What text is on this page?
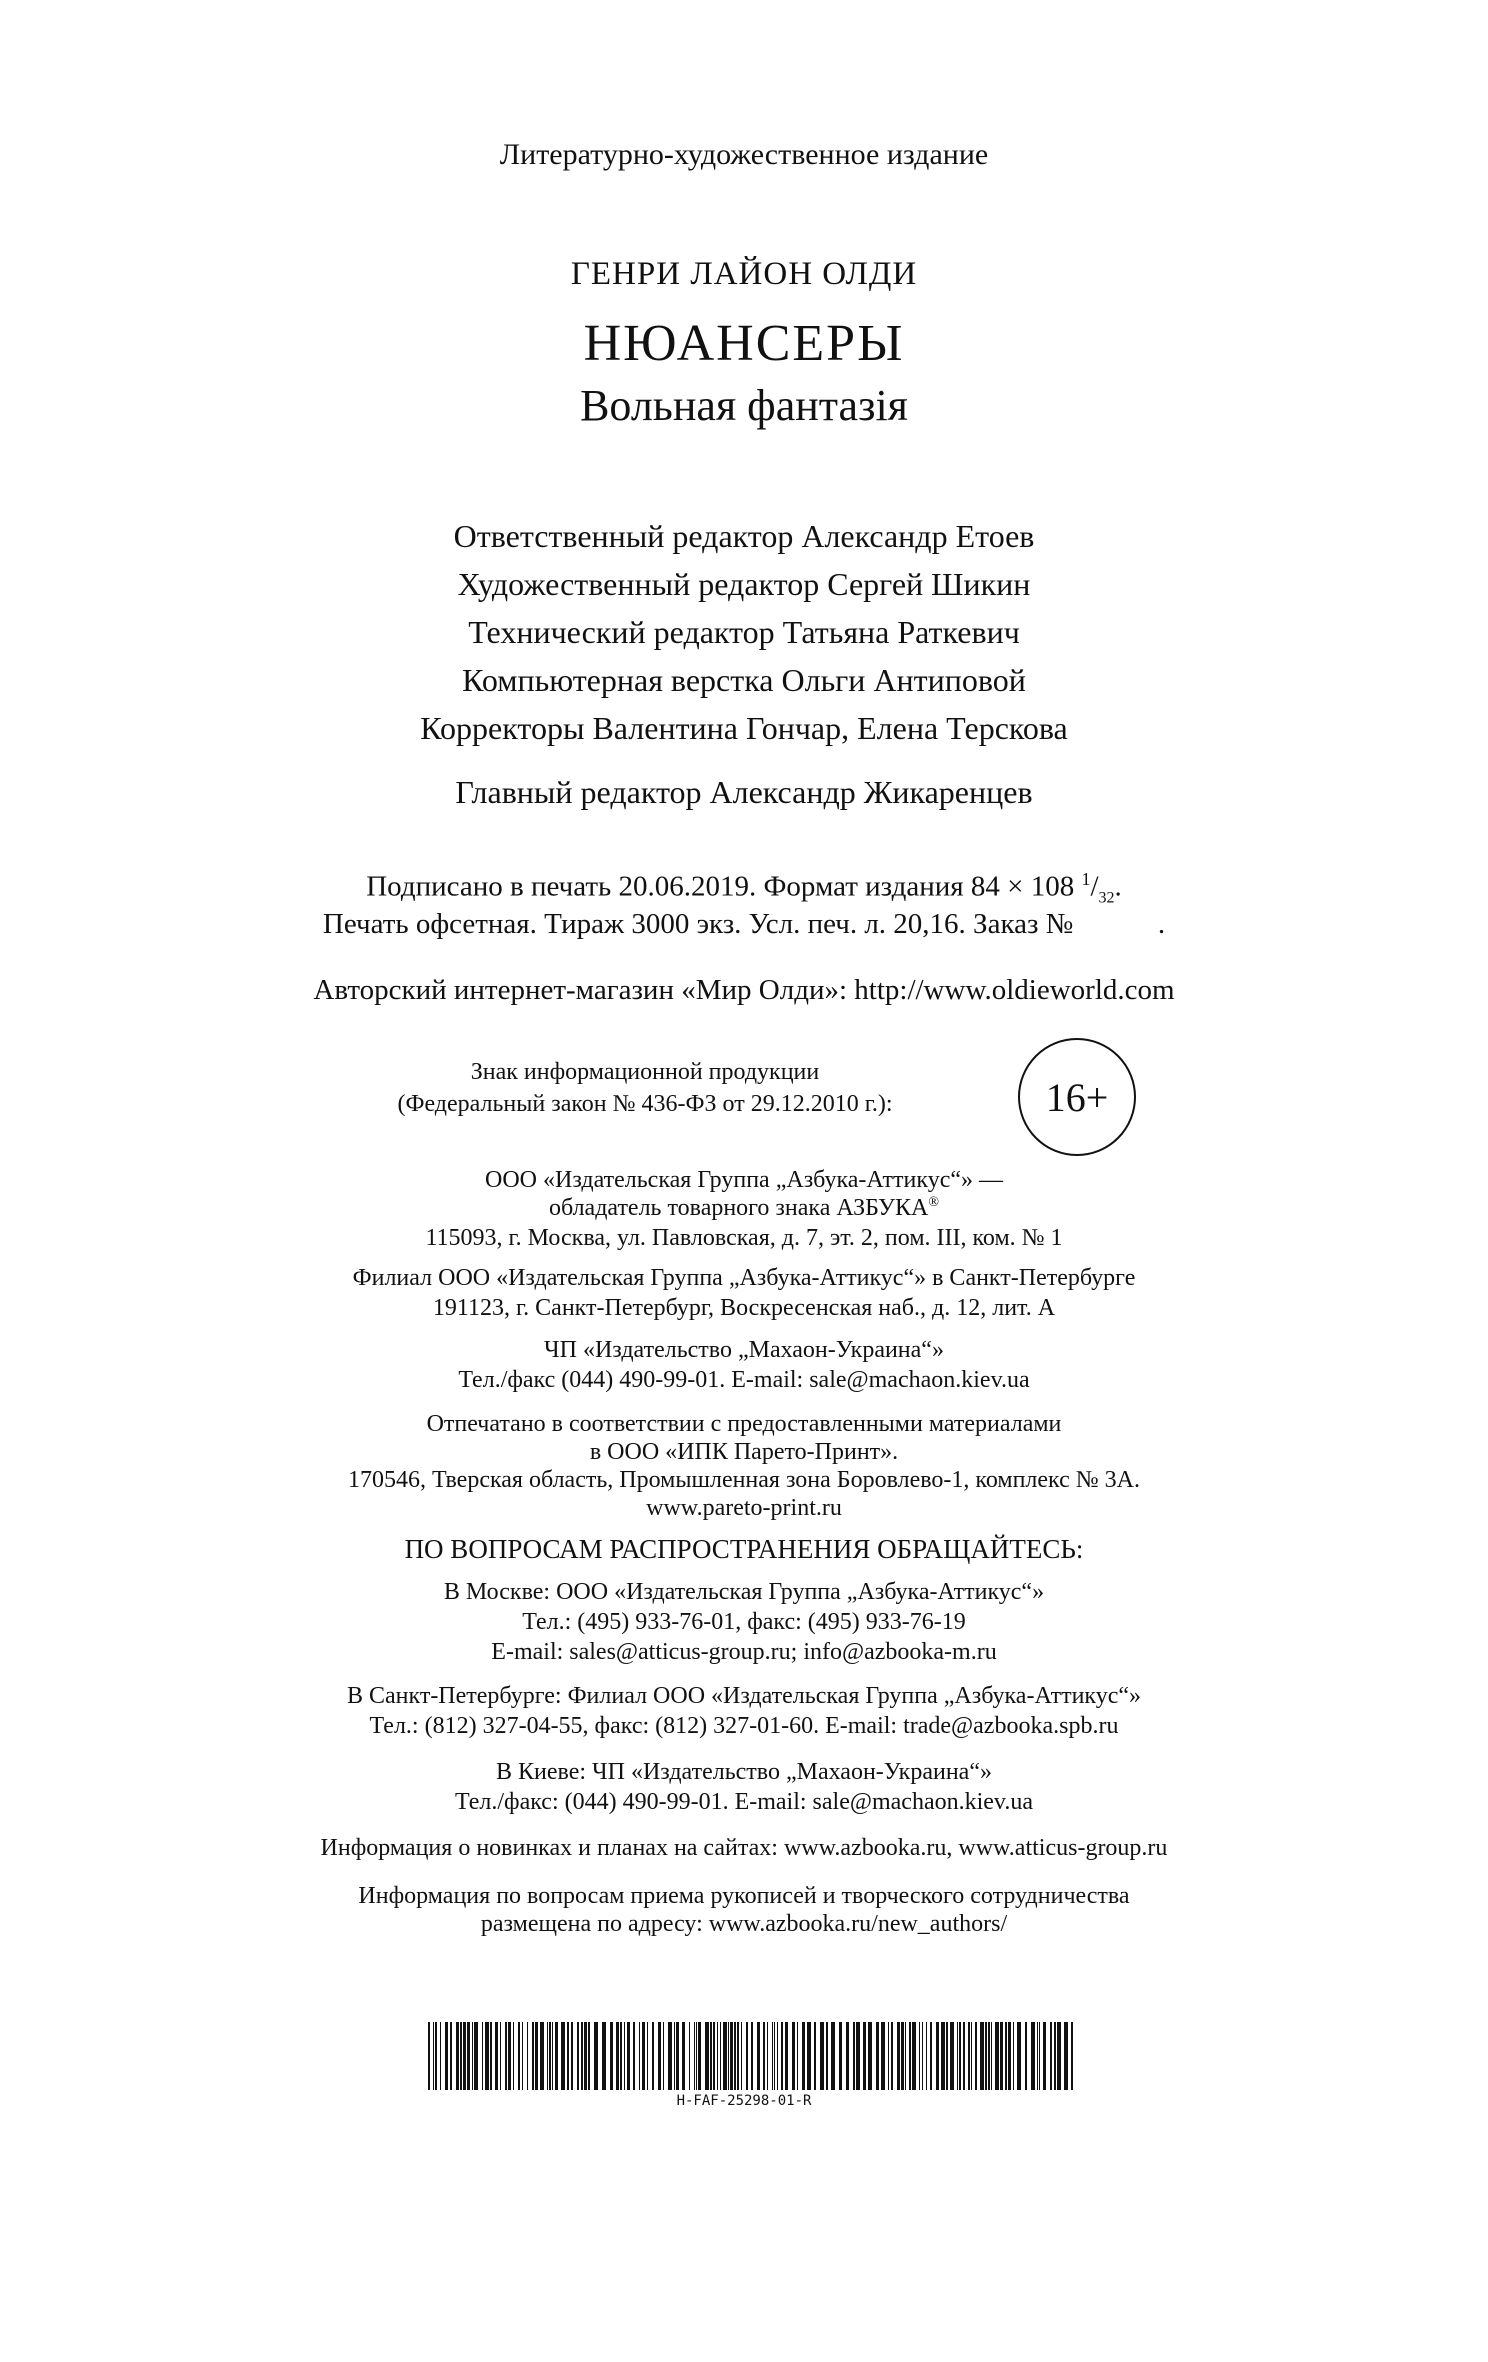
Литературно-художественное издание
ГЕНРИ ЛАЙОН ОЛДИ
НЮАНСЕРЫ
Вольная фантазія
Ответственный редактор Александр Етоев
Художественный редактор Сергей Шикин
Технический редактор Татьяна Раткевич
Компьютерная верстка Ольги Антиповой
Корректоры Валентина Гончар, Елена Терскова
Главный редактор Александр Жикаренцев
Подписано в печать 20.06.2019. Формат издания 84 × 108 $^1/_{32}$.
Печать офсетная. Тираж 3000 экз. Усл. печ. л. 20,16. Заказ №	.
Авторский интернет-магазин «Мир Олди»: http://www.oldieworld.com
Знак информационной продукции
(Федеральный закон № 436-ФЗ от 29.12.2010 г.):	16+
ООО «Издательская Группа „Азбука-Аттикус“» —
обладатель товарного знака АЗБУКА®
115093, г. Москва, ул. Павловская, д. 7, эт. 2, пом. III, ком. № 1
Филиал ООО «Издательская Группа „Азбука-Аттикус“» в Санкт-Петербурге
191123, г. Санкт-Петербург, Воскресенская наб., д. 12, лит. А
ЧП «Издательство „Махаон-Украина“»
Тел./факс (044) 490-99-01. E-mail: sale@machaon.kiev.ua
Отпечатано в соответствии с предоставленными материалами
в ООО «ИПК Парето-Принт».
170546, Тверская область, Промышленная зона Боровлево-1, комплекс № 3А.
www.pareto-print.ru
ПО ВОПРОСАМ РАСПРОСТРАНЕНИЯ ОБРАЩАЙТЕСЬ:
В Москве: ООО «Издательская Группа „Азбука-Аттикус“»
Тел.: (495) 933-76-01, факс: (495) 933-76-19
E-mail: sales@atticus-group.ru; info@azbooka-m.ru
В Санкт-Петербурге: Филиал ООО «Издательская Группа „Азбука-Аттикус“»
Тел.: (812) 327-04-55, факс: (812) 327-01-60. E-mail: trade@azbooka.spb.ru
В Киеве: ЧП «Издательство „Махаон-Украина“»
Тел./факс: (044) 490-99-01. E-mail: sale@machaon.kiev.ua
Информация о новинках и планах на сайтах: www.azbooka.ru, www.atticus-group.ru
Информация по вопросам приема рукописей и творческого сотрудничества
размещена по адресу: www.azbooka.ru/new_authors/
H-FAF-25298-01-R
